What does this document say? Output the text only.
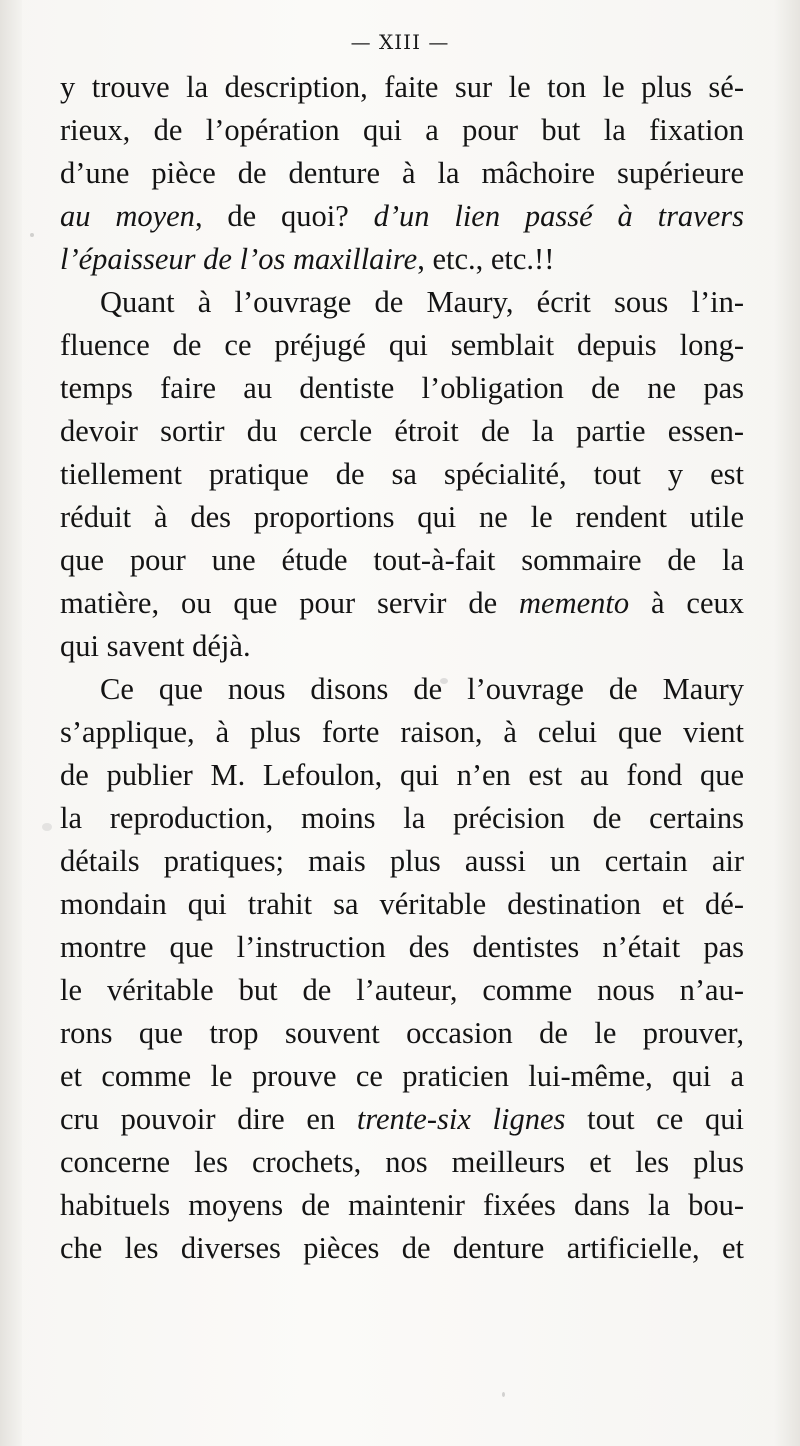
— XIII —
y trouve la description, faite sur le ton le plus sé-
rieux, de l’opération qui a pour but la fixation
d’une pièce de denture à la mâchoire supérieure
au moyen, de quoi? d’un lien passé à travers
l’épaisseur de l’os maxillaire, etc., etc.!!
Quant à l’ouvrage de Maury, écrit sous l’in-
fluence de ce préjugé qui semblait depuis long-
temps faire au dentiste l’obligation de ne pas
devoir sortir du cercle étroit de la partie essen-
tiellement pratique de sa spécialité, tout y est
réduit à des proportions qui ne le rendent utile
que pour une étude tout-à-fait sommaire de la
matière, ou que pour servir de memento à ceux
qui savent déjà.
Ce que nous disons de l’ouvrage de Maury
s’applique, à plus forte raison, à celui que vient
de publier M. Lefoulon, qui n’en est au fond que
la reproduction, moins la précision de certains
détails pratiques; mais plus aussi un certain air
mondain qui trahit sa véritable destination et dé-
montre que l’instruction des dentistes n’était pas
le véritable but de l’auteur, comme nous n’au-
rons que trop souvent occasion de le prouver,
et comme le prouve ce praticien lui-même, qui a
cru pouvoir dire en trente-six lignes tout ce qui
concerne les crochets, nos meilleurs et les plus
habituels moyens de maintenir fixées dans la bou-
che les diverses pièces de denture artificielle, et
